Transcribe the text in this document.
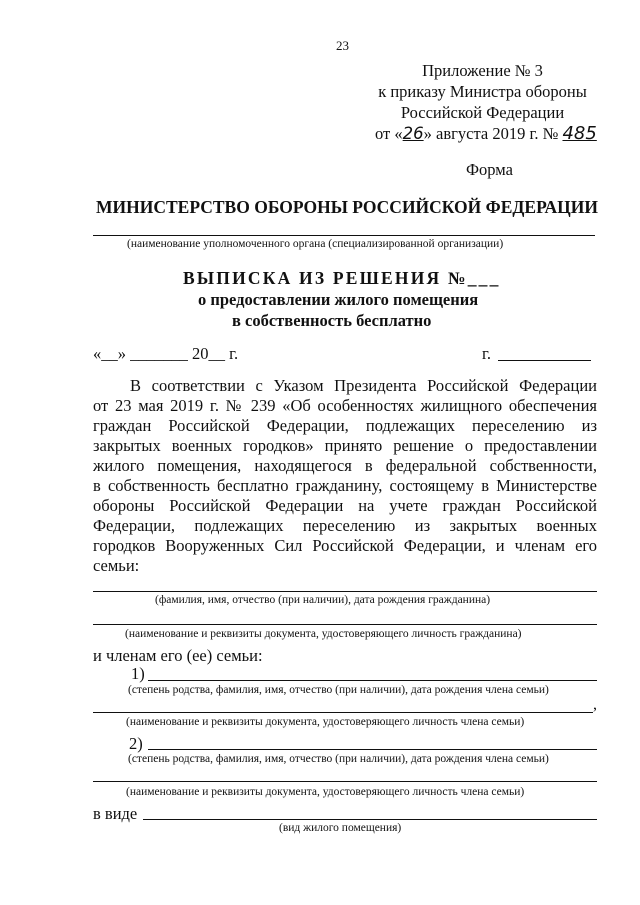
23
Приложение № 3
к приказу Министра обороны
Российской Федерации
от «26» августа 2019 г. № 485
Форма
МИНИСТЕРСТВО ОБОРОНЫ РОССИЙСКОЙ ФЕДЕРАЦИИ
(наименование уполномоченного органа (специализированной организации)
ВЫПИСКА ИЗ РЕШЕНИЯ №___
о предоставлении жилого помещения
в собственность бесплатно
«__» _______ 20__ г.	г.
В соответствии с Указом Президента Российской Федерации
от 23 мая 2019 г. № 239 «Об особенностях жилищного обеспечения
граждан Российской Федерации, подлежащих переселению из
закрытых военных городков» принято решение о предоставлении
жилого помещения, находящегося в федеральной собственности,
в собственность бесплатно гражданину, состоящему в Министерстве
обороны Российской Федерации на учете граждан Российской
Федерации, подлежащих переселению из закрытых военных
городков Вооруженных Сил Российской Федерации, и членам его
семьи:
(фамилия, имя, отчество (при наличии), дата рождения гражданина)
(наименование и реквизиты документа, удостоверяющего личность гражданина)
и членам его (ее) семьи:
1)
(степень родства, фамилия, имя, отчество (при наличии), дата рождения члена семьи)
,
(наименование и реквизиты документа, удостоверяющего личность члена семьи)
2)
(степень родства, фамилия, имя, отчество (при наличии), дата рождения члена семьи)
(наименование и реквизиты документа, удостоверяющего личность члена семьи)
в виде
(вид жилого помещения)
